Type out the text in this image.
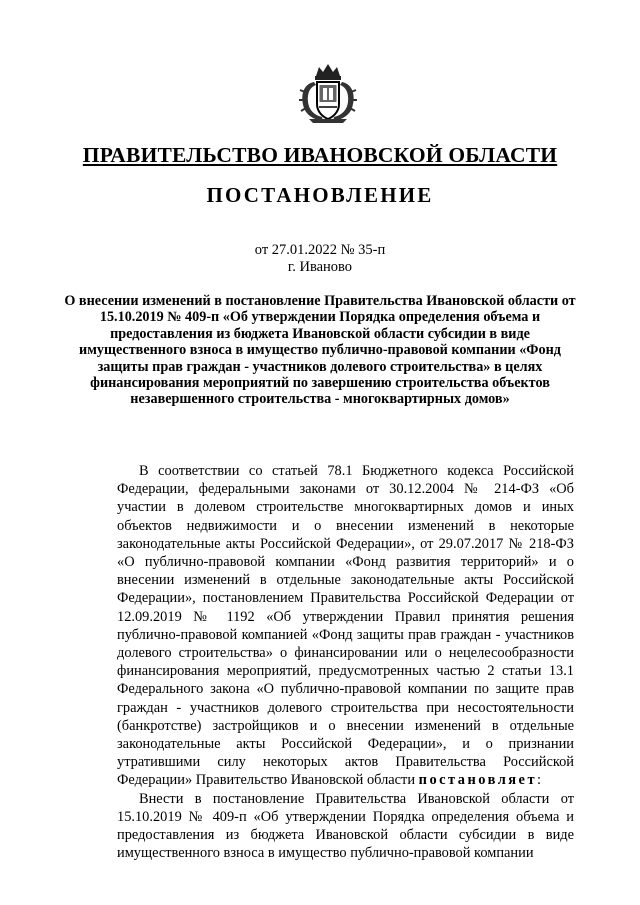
ПРАВИТЕЛЬСТВО ИВАНОВСКОЙ ОБЛАСТИ
ПОСТАНОВЛЕНИЕ
от 27.01.2022 № 35-п
г. Иваново
О внесении изменений в постановление Правительства Ивановской области от 15.10.2019 № 409-п «Об утверждении Порядка определения объема и предоставления из бюджета Ивановской области субсидии в виде имущественного взноса в имущество публично-правовой компании «Фонд защиты прав граждан - участников долевого строительства» в целях финансирования мероприятий по завершению строительства объектов незавершенного строительства - многоквартирных домов»

В соответствии со статьей 78.1 Бюджетного кодекса Российской Федерации, федеральными законами от 30.12.2004 № 214-ФЗ «Об участии в долевом строительстве многоквартирных домов и иных объектов недвижимости и о внесении изменений в некоторые законодательные акты Российской Федерации», от 29.07.2017 № 218-ФЗ «О публично-правовой компании «Фонд развития территорий» и о внесении изменений в отдельные законодательные акты Российской Федерации», постановлением Правительства Российской Федерации от 12.09.2019 № 1192 «Об утверждении Правил принятия решения публично-правовой компанией «Фонд защиты прав граждан - участников долевого строительства» о финансировании или о нецелесообразности финансирования мероприятий, предусмотренных частью 2 статьи 13.1 Федерального закона «О публично-правовой компании по защите прав граждан - участников долевого строительства при несостоятельности (банкротстве) застройщиков и о внесении изменений в отдельные законодательные акты Российской Федерации», и о признании утратившими силу некоторых актов Правительства Российской Федерации» Правительство Ивановской области постановляет:

Внести в постановление Правительства Ивановской области от 15.10.2019 № 409-п «Об утверждении Порядка определения объема и предоставления из бюджета Ивановской области субсидии в виде имущественного взноса в имущество публично-правовой компании
